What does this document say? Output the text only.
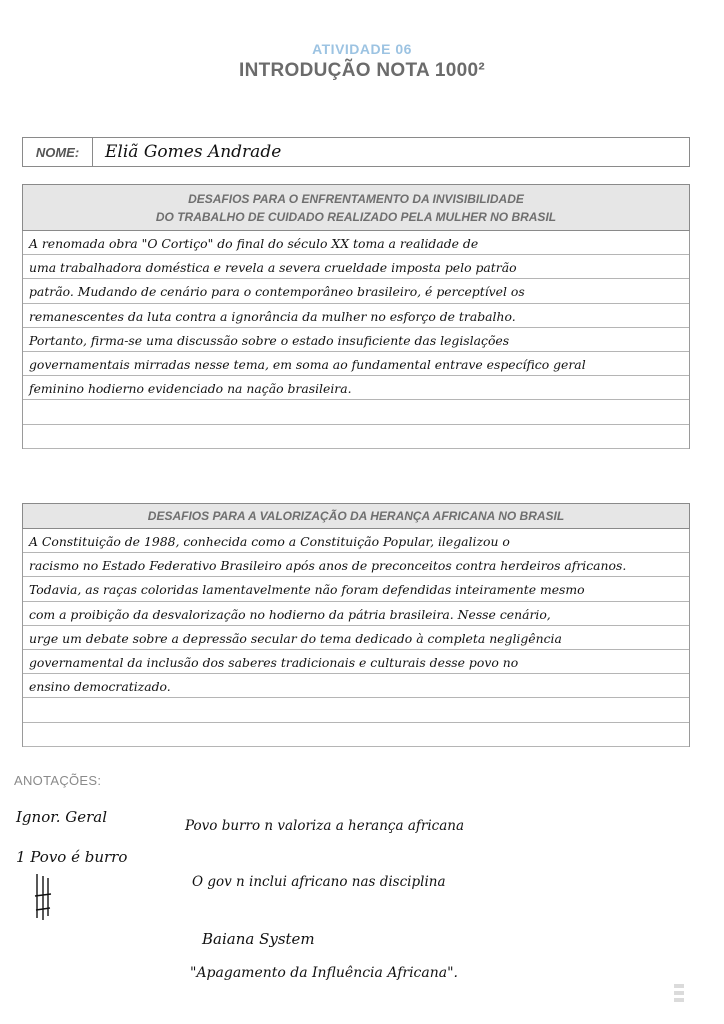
ATIVIDADE 06
INTRODUÇÃO NOTA 1000²
NOME:	Eliã Gomes Andrade
DESAFIOS PARA O ENFRENTAMENTO DA INVISIBILIDADE
DO TRABALHO DE CUIDADO REALIZADO PELA MULHER NO BRASIL
A renomada obra "O Cortiço" do final do século XX toma a realidade de
uma trabalhadora doméstica e revela a severa crueldade imposta pelo patrão
patrão. Mudando de cenário para o contemporâneo brasileiro, é perceptível os
remanescentes da luta contra a ignorância da mulher no esforço de trabalho.
Portanto, firma-se uma discussão sobre o estado insuficiente das legislações
governamentais mirradas nesse tema, em soma ao fundamental entrave específico geral
feminino hodierno evidenciado na nação brasileira.
DESAFIOS PARA A VALORIZAÇÃO DA HERANÇA AFRICANA NO BRASIL
A Constituição de 1988, conhecida como a Constituição Popular, ilegalizou o
racismo no Estado Federativo Brasileiro após anos de preconceitos contra herdeiros africanos.
Todavia, as raças coloridas lamentavelmente não foram defendidas inteiramente mesmo
com a proibição da desvalorização no hodierno da pátria brasileira. Nesse cenário,
urge um debate sobre a depressão secular do tema dedicado à completa negligência
governamental da inclusão dos saberes tradicionais e culturais desse povo no
ensino democratizado.
ANOTAÇÕES:
Ignor. Geral
1 Povo é burro
Povo burro n valoriza a herança africana
O gov n inclui africano nas disciplina
Baiana System
"Apagamento da Influência Africana".
